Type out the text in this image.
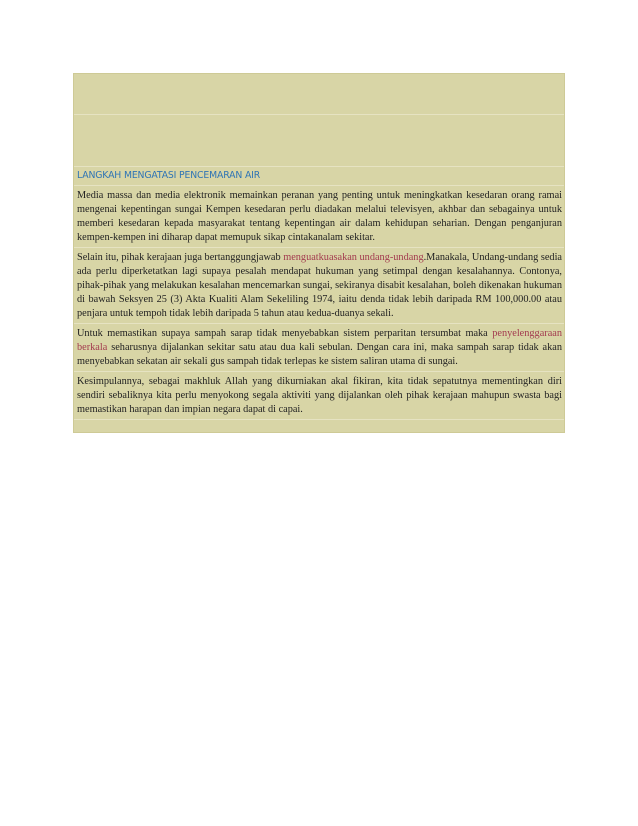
LANGKAH MENGATASI PENCEMARAN AIR
Media massa dan media elektronik memainkan peranan yang penting untuk meningkatkan kesedaran orang ramai mengenai kepentingan sungai Kempen kesedaran perlu diadakan melalui televisyen, akhbar dan sebagainya untuk memberi kesedaran kepada masyarakat tentang kepentingan air dalam kehidupan seharian. Dengan penganjuran kempen-kempen ini diharap dapat memupuk sikap cintakanalam sekitar.
Selain itu, pihak kerajaan juga bertanggungjawab menguatkuasakan undang-undang.Manakala, Undang-undang sedia ada perlu diperketatkan lagi supaya pesalah mendapat hukuman yang setimpal dengan kesalahannya. Contonya, pihak-pihak yang melakukan kesalahan mencemarkan sungai, sekiranya disabit kesalahan, boleh dikenakan hukuman di bawah Seksyen 25 (3) Akta Kualiti Alam Sekeliling 1974, iaitu denda tidak lebih daripada RM 100,000.00 atau penjara untuk tempoh tidak lebih daripada 5 tahun atau kedua-duanya sekali.
Untuk memastikan supaya sampah sarap tidak menyebabkan sistem perparitan tersumbat maka penyelenggaraan berkala seharusnya dijalankan sekitar satu atau dua kali sebulan. Dengan cara ini, maka sampah sarap tidak akan menyebabkan sekatan air sekali gus sampah tidak terlepas ke sistem saliran utama di sungai.
Kesimpulannya, sebagai makhluk Allah yang dikurniakan akal fikiran, kita tidak sepatutnya mementingkan diri sendiri sebaliknya kita perlu menyokong segala aktiviti yang dijalankan oleh pihak kerajaan mahupun swasta bagi memastikan harapan dan impian negara dapat di capai.
